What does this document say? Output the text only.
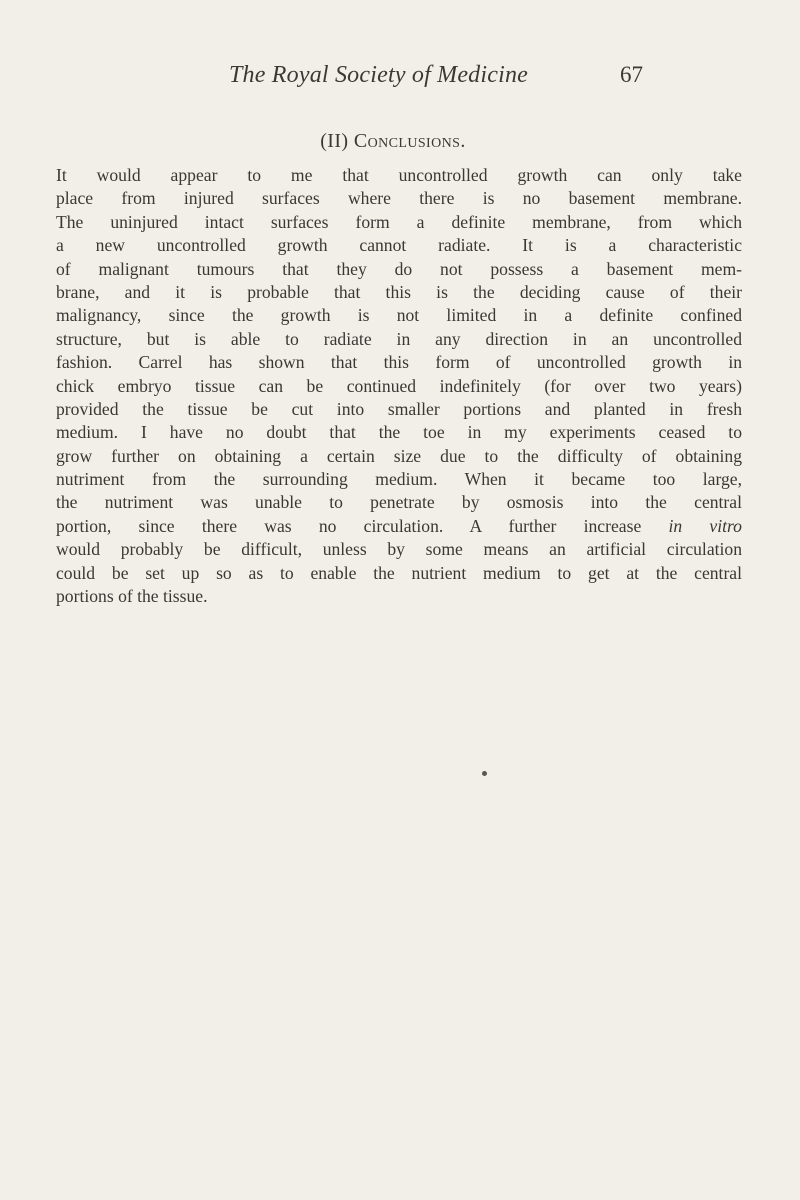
The Royal Society of Medicine	67
(II) Conclusions.
It would appear to me that uncontrolled growth can only take
place from injured surfaces where there is no basement membrane.
The uninjured intact surfaces form a definite membrane, from which
a new uncontrolled growth cannot radiate. It is a characteristic
of malignant tumours that they do not possess a basement mem-
brane, and it is probable that this is the deciding cause of their
malignancy, since the growth is not limited in a definite confined
structure, but is able to radiate in any direction in an uncontrolled
fashion. Carrel has shown that this form of uncontrolled growth in
chick embryo tissue can be continued indefinitely (for over two years)
provided the tissue be cut into smaller portions and planted in fresh
medium. I have no doubt that the toe in my experiments ceased to
grow further on obtaining a certain size due to the difficulty of obtaining
nutriment from the surrounding medium. When it became too large,
the nutriment was unable to penetrate by osmosis into the central
portion, since there was no circulation. A further increase in vitro
would probably be difficult, unless by some means an artificial circulation
could be set up so as to enable the nutrient medium to get at the central
portions of the tissue.
